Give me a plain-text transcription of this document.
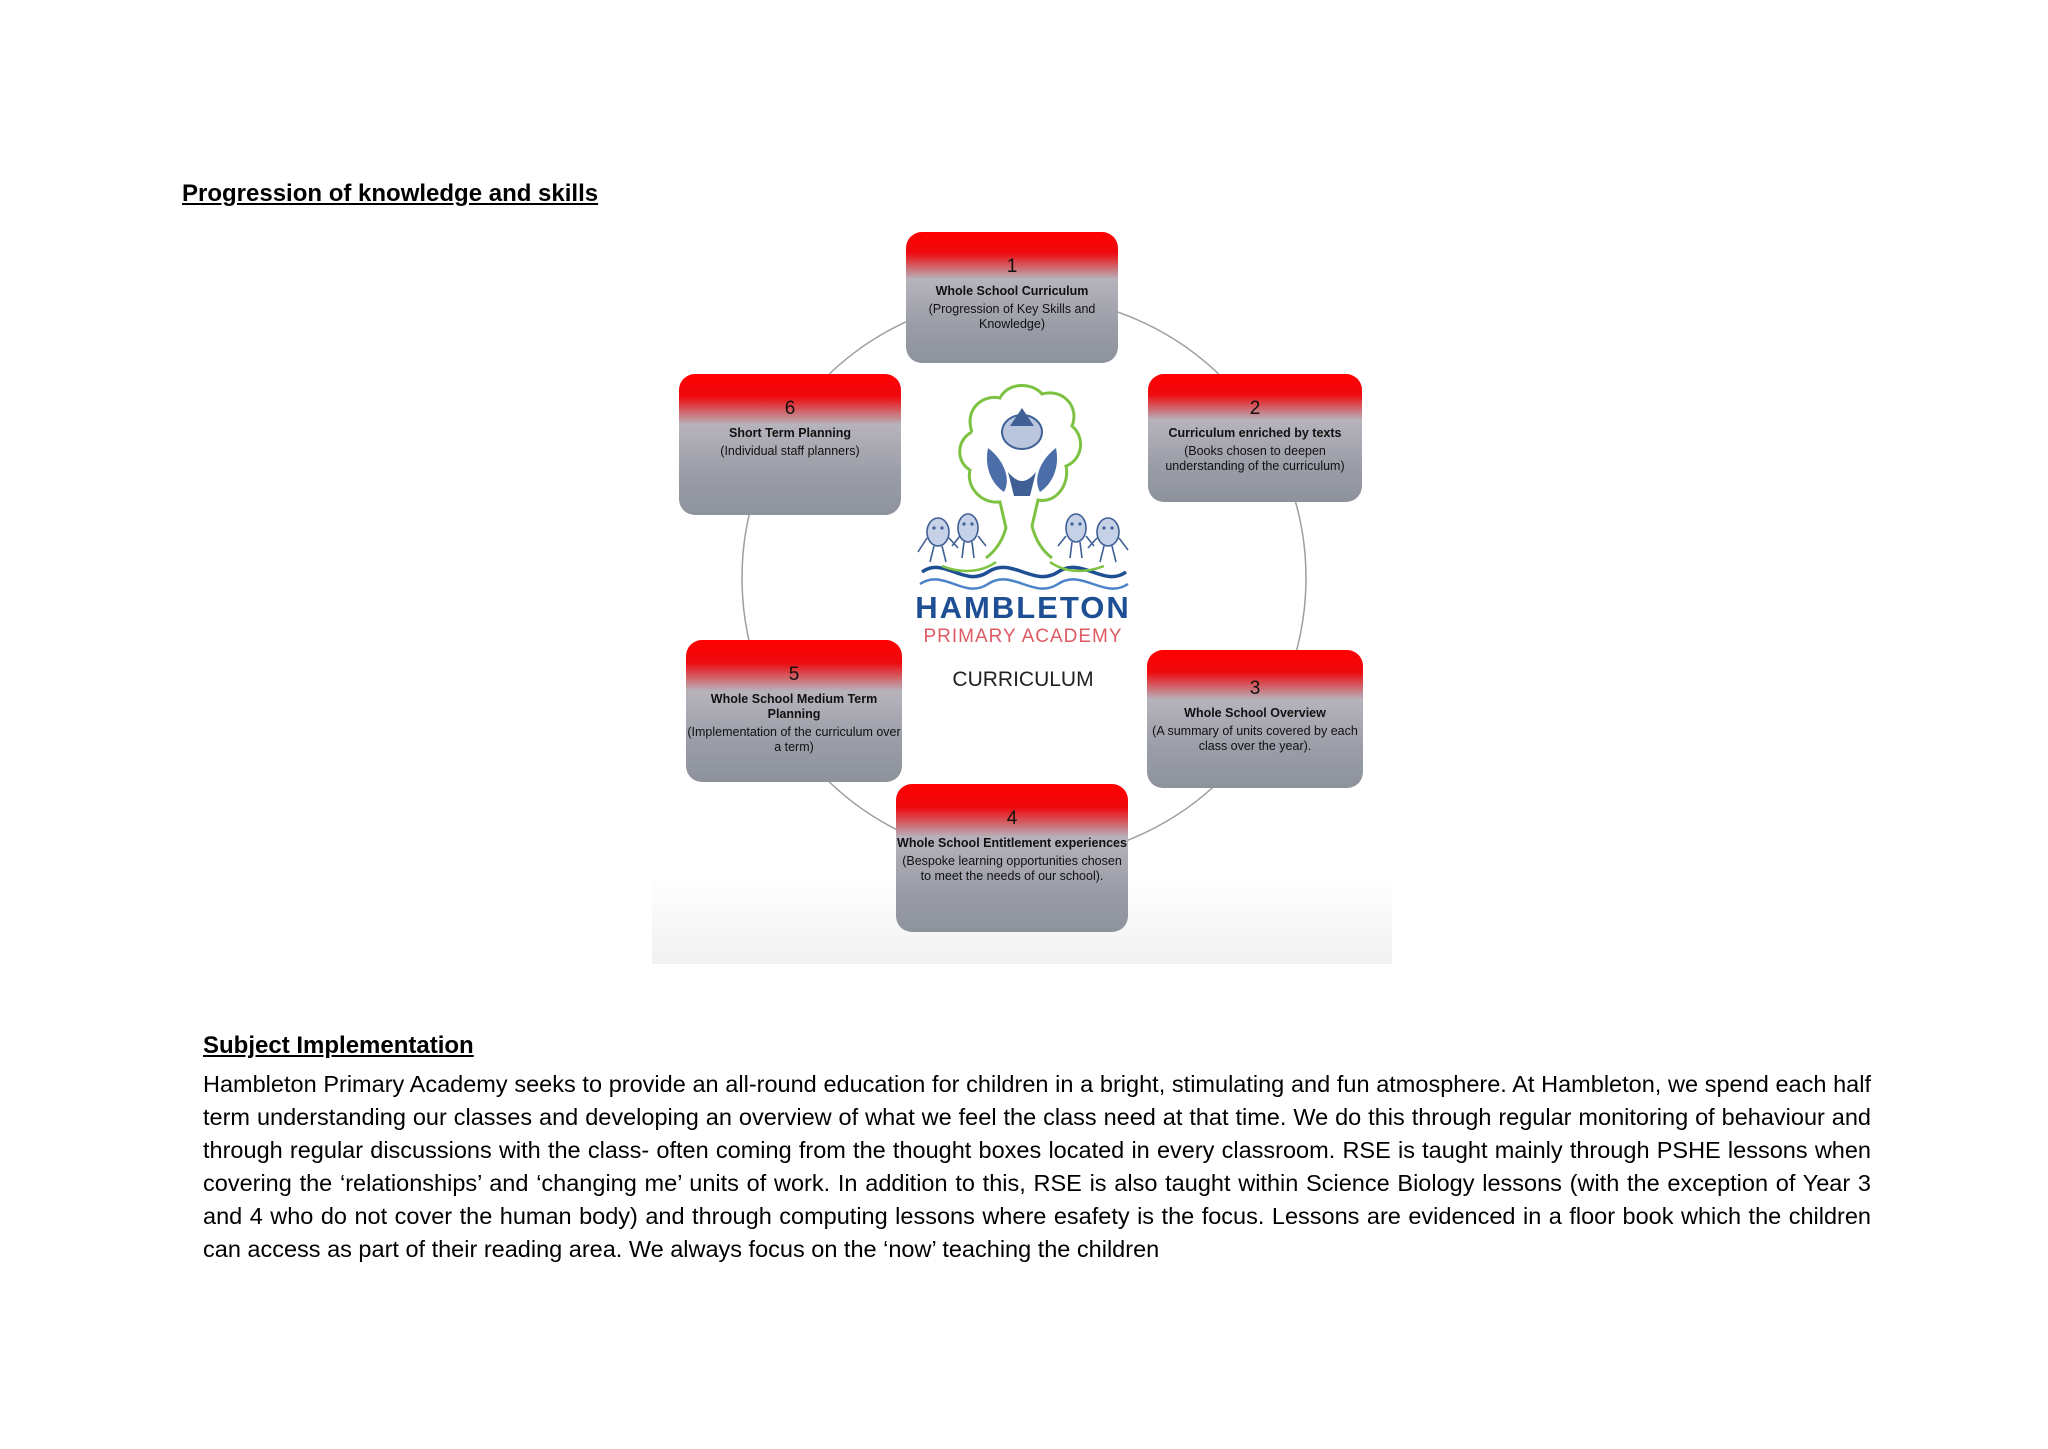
Progression of knowledge and skills
HAMBLETON
PRIMARY ACADEMY
CURRICULUM
1
Whole School Curriculum
(Progression of Key Skills and Knowledge)
2
Curriculum enriched by texts
(Books chosen to deepen understanding of the curriculum)
3
Whole School Overview
(A summary of units covered by each class over the year).
4
Whole School Entitlement experiences
(Bespoke learning opportunities chosen to meet the needs of our school).
5
Whole School Medium Term Planning
(Implementation of the curriculum over a term)
6
Short Term Planning
(Individual staff planners)
Subject Implementation

Hambleton Primary Academy seeks to provide an all-round education for children in a bright, stimulating and fun atmosphere. At Hambleton, we spend each half term understanding our classes and developing an overview of what we feel the class need at that time. We do this through regular monitoring of behaviour and through regular discussions with the class- often coming from the thought boxes located in every classroom. RSE is taught mainly through PSHE lessons when covering the ‘relationships’ and ‘changing me’ units of work. In addition to this, RSE is also taught within Science Biology lessons (with the exception of Year 3 and 4 who do not cover the human body) and through computing lessons where esafety is the focus. Lessons are evidenced in a floor book which the children can access as part of their reading area. We always focus on the ‘now’ teaching the children
